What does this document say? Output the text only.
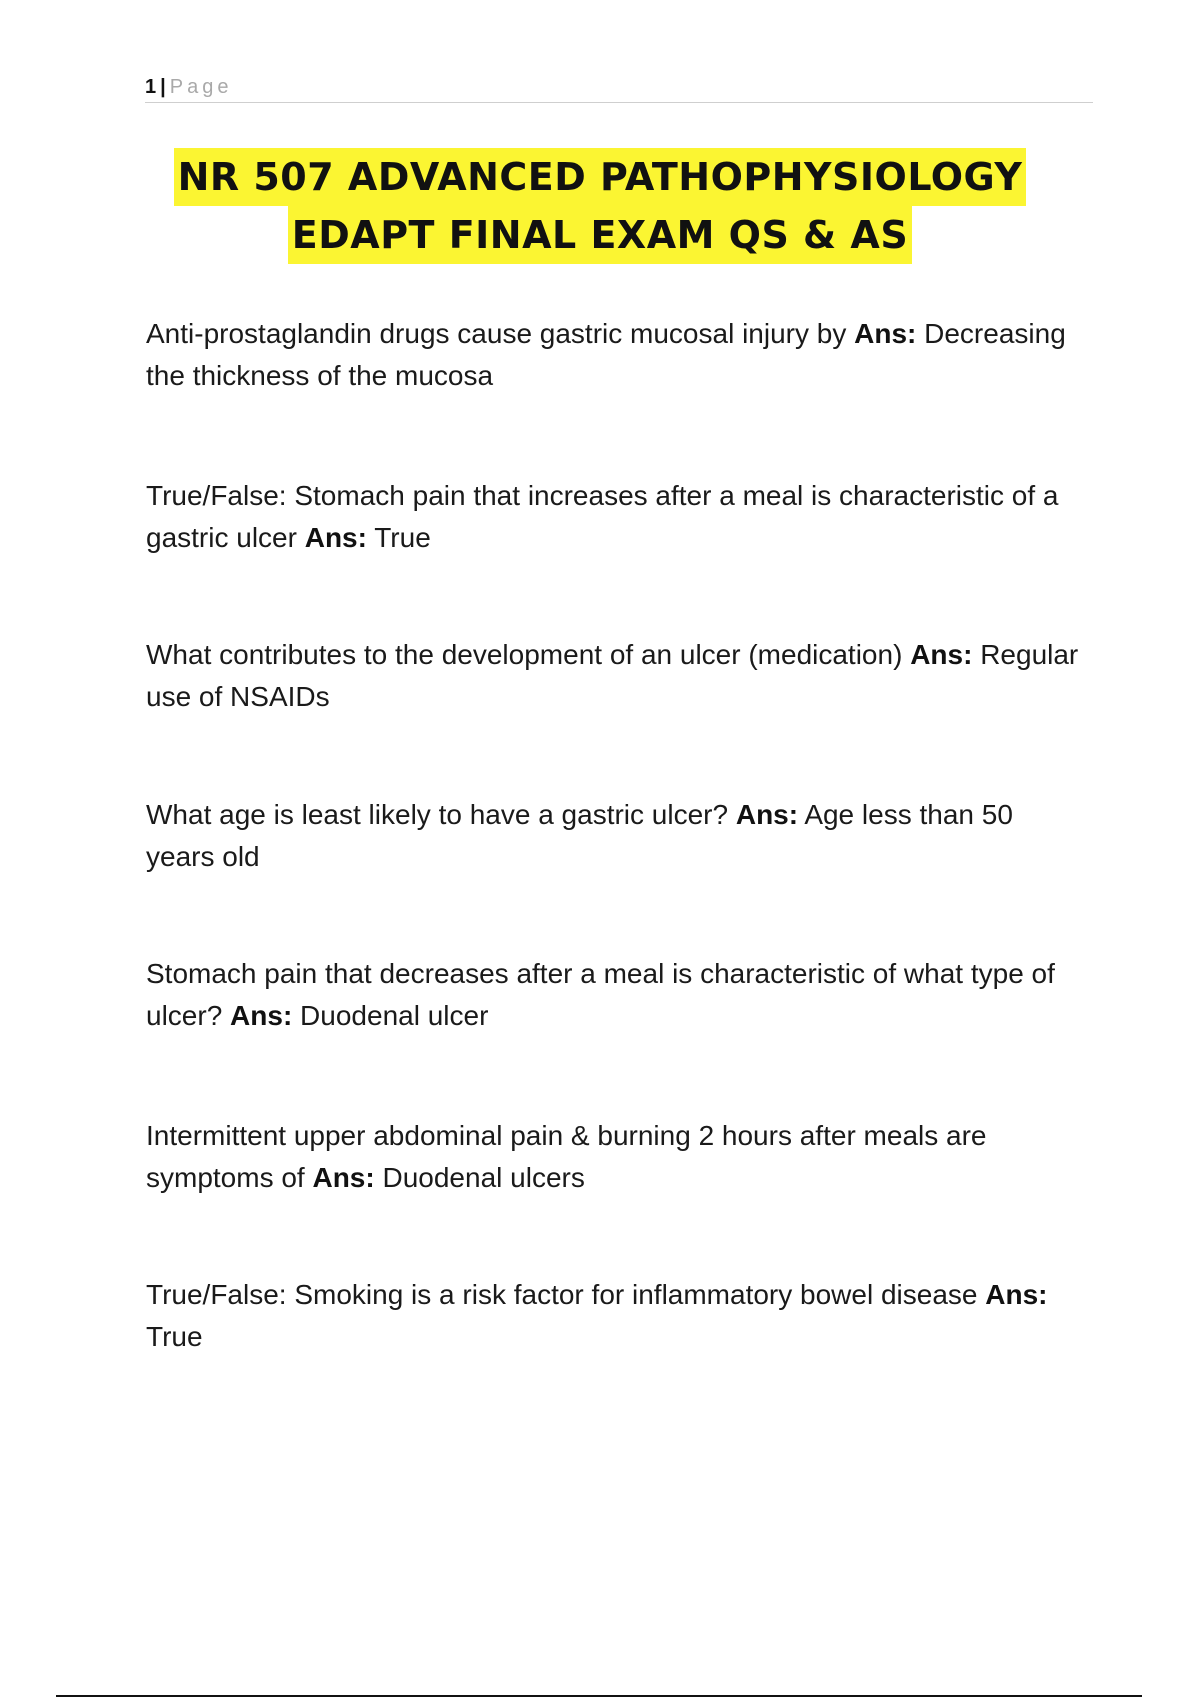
1 | Page
NR 507 ADVANCED PATHOPHYSIOLOGY
EDAPT FINAL EXAM QS & AS
Anti-prostaglandin drugs cause gastric mucosal injury by Ans: Decreasing the thickness of the mucosa
True/False: Stomach pain that increases after a meal is characteristic of a gastric ulcer Ans: True
What contributes to the development of an ulcer (medication) Ans: Regular use of NSAIDs
What age is least likely to have a gastric ulcer? Ans: Age less than 50 years old
Stomach pain that decreases after a meal is characteristic of what type of ulcer? Ans: Duodenal ulcer
Intermittent upper abdominal pain & burning 2 hours after meals are symptoms of Ans: Duodenal ulcers
True/False: Smoking is a risk factor for inflammatory bowel disease Ans: True
